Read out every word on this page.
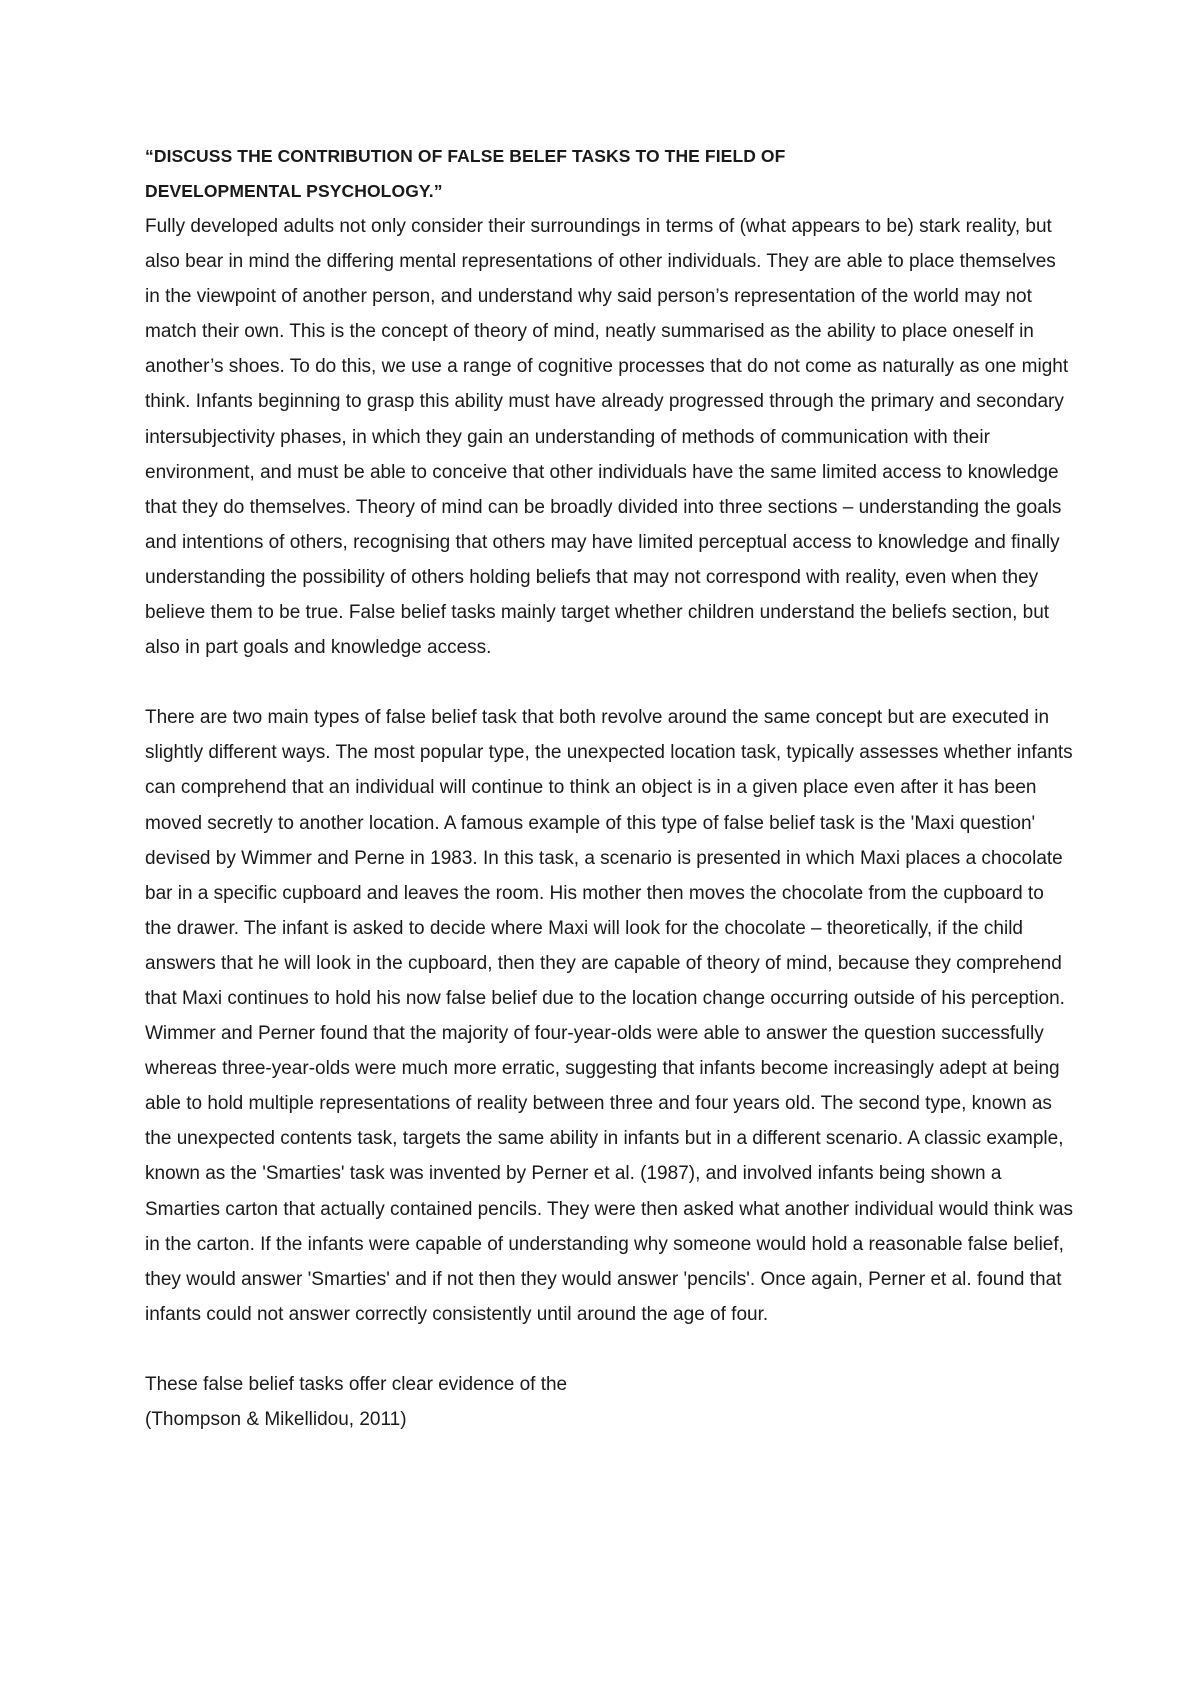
“DISCUSS THE CONTRIBUTION OF FALSE BELEF TASKS TO THE FIELD OF
DEVELOPMENTAL PSYCHOLOGY.”

Fully developed adults not only consider their surroundings in terms of (what appears to be) stark reality, but also bear in mind the differing mental representations of other individuals. They are able to place themselves in the viewpoint of another person, and understand why said person’s representation of the world may not match their own. This is the concept of theory of mind, neatly summarised as the ability to place oneself in another’s shoes. To do this, we use a range of cognitive processes that do not come as naturally as one might think. Infants beginning to grasp this ability must have already progressed through the primary and secondary intersubjectivity phases, in which they gain an understanding of methods of communication with their environment, and must be able to conceive that other individuals have the same limited access to knowledge that they do themselves. Theory of mind can be broadly divided into three sections – understanding the goals and intentions of others, recognising that others may have limited perceptual access to knowledge and finally understanding the possibility of others holding beliefs that may not correspond with reality, even when they believe them to be true. False belief tasks mainly target whether children understand the beliefs section, but also in part goals and knowledge access.

There are two main types of false belief task that both revolve around the same concept but are executed in slightly different ways. The most popular type, the unexpected location task, typically assesses whether infants can comprehend that an individual will continue to think an object is in a given place even after it has been moved secretly to another location. A famous example of this type of false belief task is the 'Maxi question' devised by Wimmer and Perne in 1983. In this task, a scenario is presented in which Maxi places a chocolate bar in a specific cupboard and leaves the room. His mother then moves the chocolate from the cupboard to the drawer. The infant is asked to decide where Maxi will look for the chocolate – theoretically, if the child answers that he will look in the cupboard, then they are capable of theory of mind, because they comprehend that Maxi continues to hold his now false belief due to the location change occurring outside of his perception. Wimmer and Perner found that the majority of four-year-olds were able to answer the question successfully whereas three-year-olds were much more erratic, suggesting that infants become increasingly adept at being able to hold multiple representations of reality between three and four years old. The second type, known as the unexpected contents task, targets the same ability in infants but in a different scenario. A classic example, known as the 'Smarties' task was invented by Perner et al. (1987), and involved infants being shown a Smarties carton that actually contained pencils. They were then asked what another individual would think was in the carton. If the infants were capable of understanding why someone would hold a reasonable false belief, they would answer 'Smarties' and if not then they would answer 'pencils'. Once again, Perner et al. found that infants could not answer correctly consistently until around the age of four.

These false belief tasks offer clear evidence of the

(Thompson & Mikellidou, 2011)
